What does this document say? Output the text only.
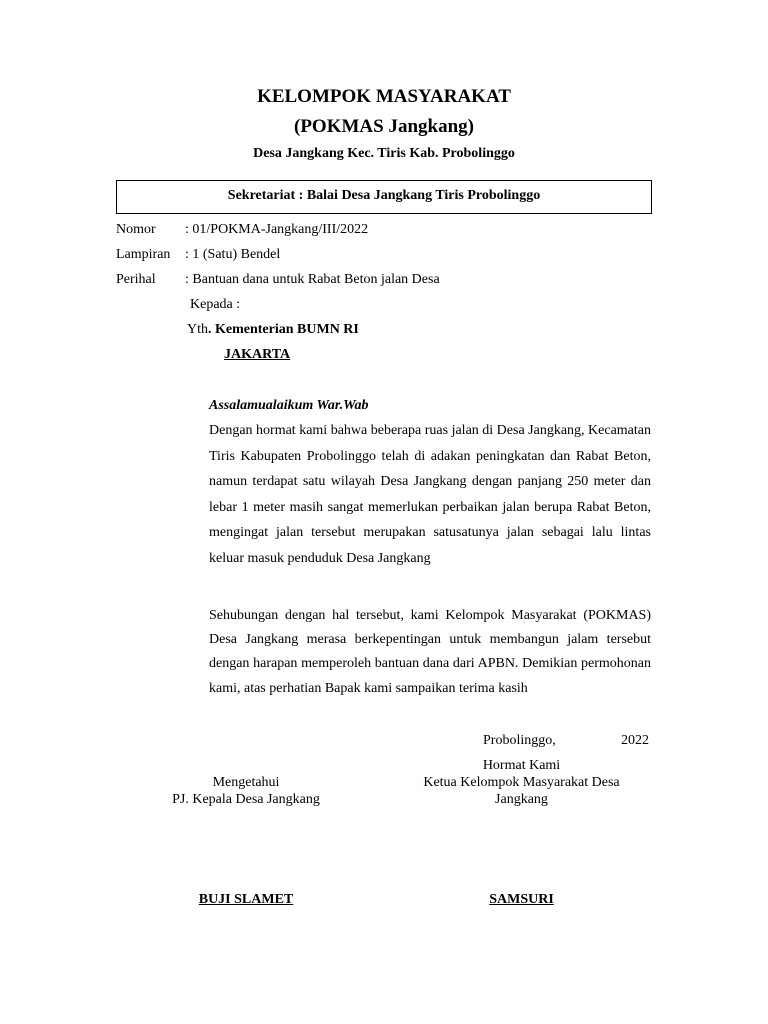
KELOMPOK MASYARAKAT
(POKMAS Jangkang)
Desa Jangkang Kec. Tiris Kab. Probolinggo
Sekretariat : Balai Desa Jangkang Tiris Probolinggo
Nomor : 01/POKMA-Jangkang/III/2022
Lampiran : 1 (Satu) Bendel
Perihal : Bantuan dana untuk Rabat Beton jalan Desa
Kepada :
Yth. Kementerian BUMN RI
JAKARTA
Assalamualaikum War.Wab
Dengan hormat kami bahwa beberapa ruas jalan di Desa Jangkang, Kecamatan Tiris Kabupaten Probolinggo telah di adakan peningkatan dan Rabat Beton, namun terdapat satu wilayah Desa Jangkang dengan panjang 250 meter dan lebar 1 meter masih sangat memerlukan perbaikan jalan berupa Rabat Beton, mengingat jalan tersebut merupakan satusatunya jalan sebagai lalu lintas keluar masuk penduduk Desa Jangkang
Sehubungan dengan hal tersebut, kami Kelompok Masyarakat (POKMAS) Desa Jangkang merasa berkepentingan untuk membangun jalam tersebut dengan harapan memperoleh bantuan dana dari APBN. Demikian permohonan kami, atas perhatian Bapak kami sampaikan terima kasih
Probolinggo,	2022
Hormat Kami
Ketua Kelompok Masyarakat Desa
Jangkang
Mengetahui
PJ. Kepala Desa Jangkang
BUJI SLAMET	SAMSURI
